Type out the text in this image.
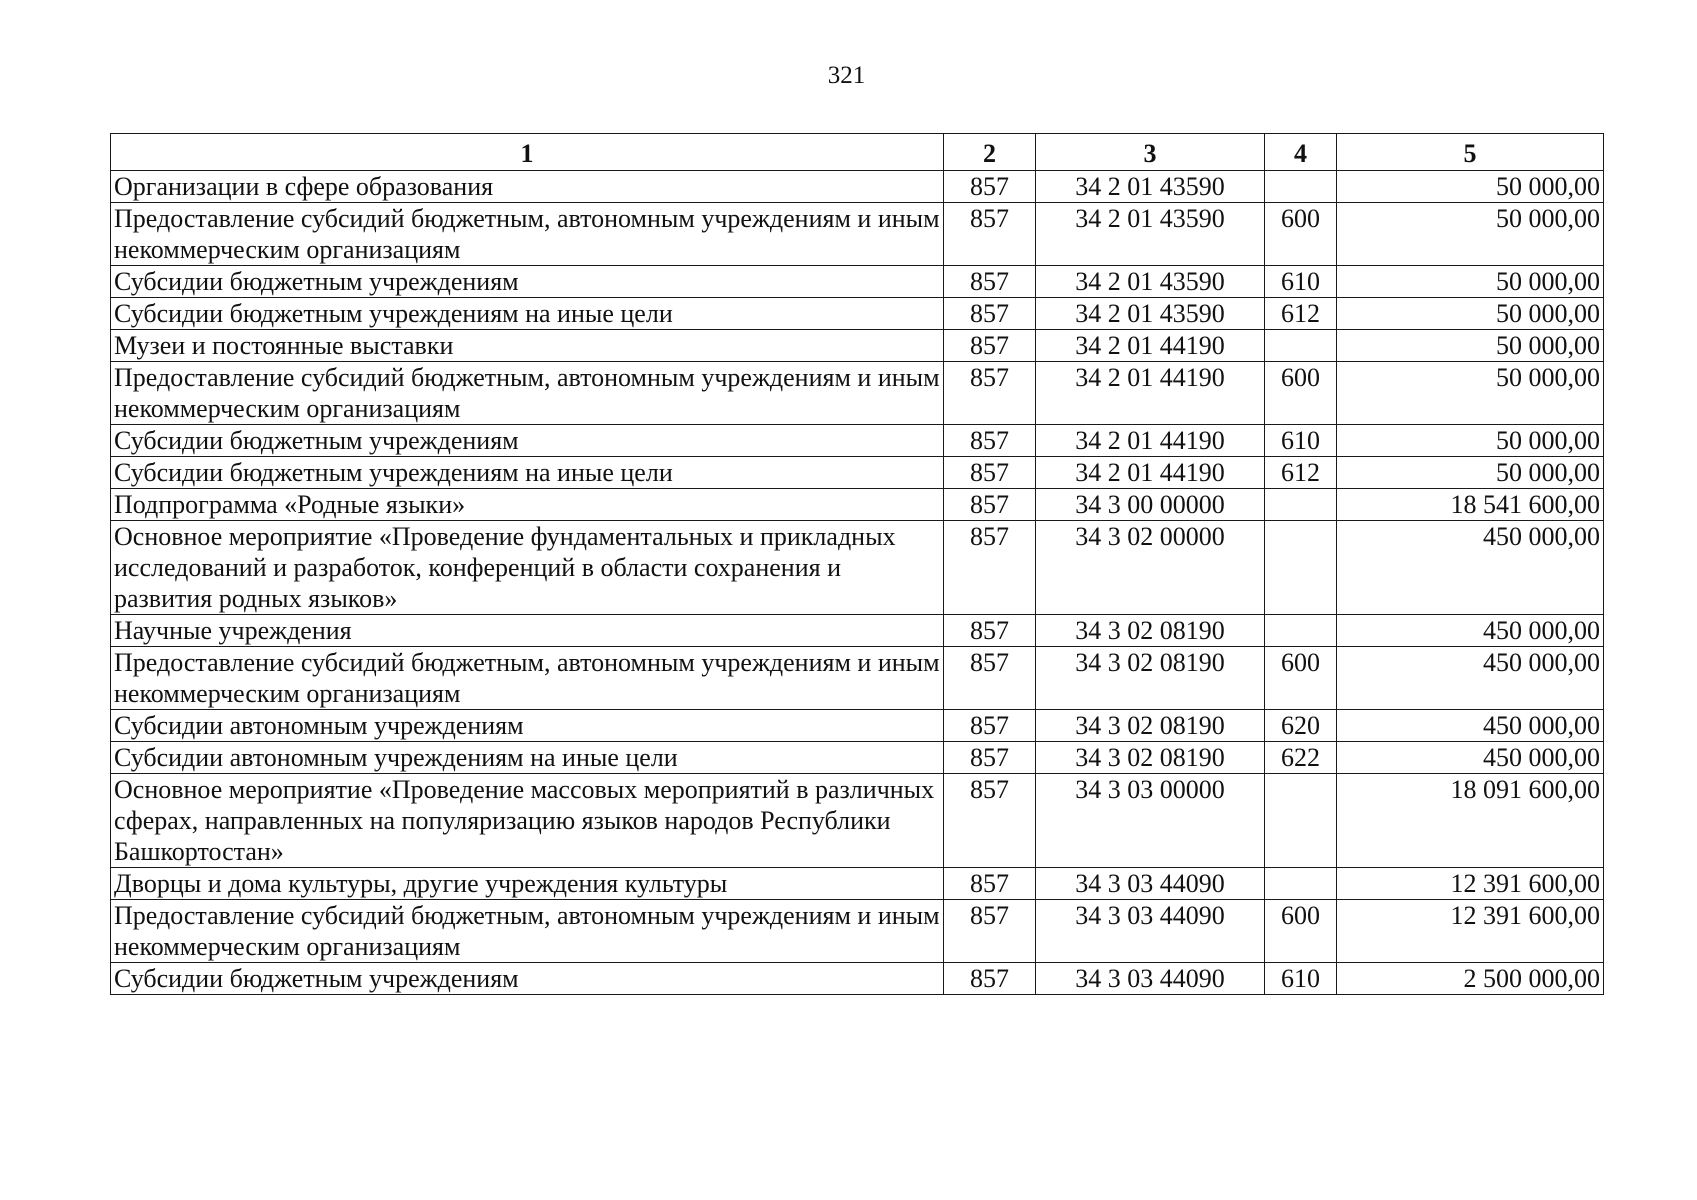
321
1	2	3	4	5
Организации в сфере образования	857	34 2 01 43590		50 000,00
Предоставление субсидий бюджетным, автономным учреждениям и иным некоммерческим организациям	857	34 2 01 43590	600	50 000,00
Субсидии бюджетным учреждениям	857	34 2 01 43590	610	50 000,00
Субсидии бюджетным учреждениям на иные цели	857	34 2 01 43590	612	50 000,00
Музеи и постоянные выставки	857	34 2 01 44190		50 000,00
Предоставление субсидий бюджетным, автономным учреждениям и иным некоммерческим организациям	857	34 2 01 44190	600	50 000,00
Субсидии бюджетным учреждениям	857	34 2 01 44190	610	50 000,00
Субсидии бюджетным учреждениям на иные цели	857	34 2 01 44190	612	50 000,00
Подпрограмма «Родные языки»	857	34 3 00 00000		18 541 600,00
Основное мероприятие «Проведение фундаментальных и прикладных исследований и разработок, конференций в области сохранения и развития родных языков»	857	34 3 02 00000		450 000,00
Научные учреждения	857	34 3 02 08190		450 000,00
Предоставление субсидий бюджетным, автономным учреждениям и иным некоммерческим организациям	857	34 3 02 08190	600	450 000,00
Субсидии автономным учреждениям	857	34 3 02 08190	620	450 000,00
Субсидии автономным учреждениям на иные цели	857	34 3 02 08190	622	450 000,00
Основное мероприятие «Проведение массовых мероприятий в различных сферах, направленных на популяризацию языков народов Республики Башкортостан»	857	34 3 03 00000		18 091 600,00
Дворцы и дома культуры, другие учреждения культуры	857	34 3 03 44090		12 391 600,00
Предоставление субсидий бюджетным, автономным учреждениям и иным некоммерческим организациям	857	34 3 03 44090	600	12 391 600,00
Субсидии бюджетным учреждениям	857	34 3 03 44090	610	2 500 000,00
